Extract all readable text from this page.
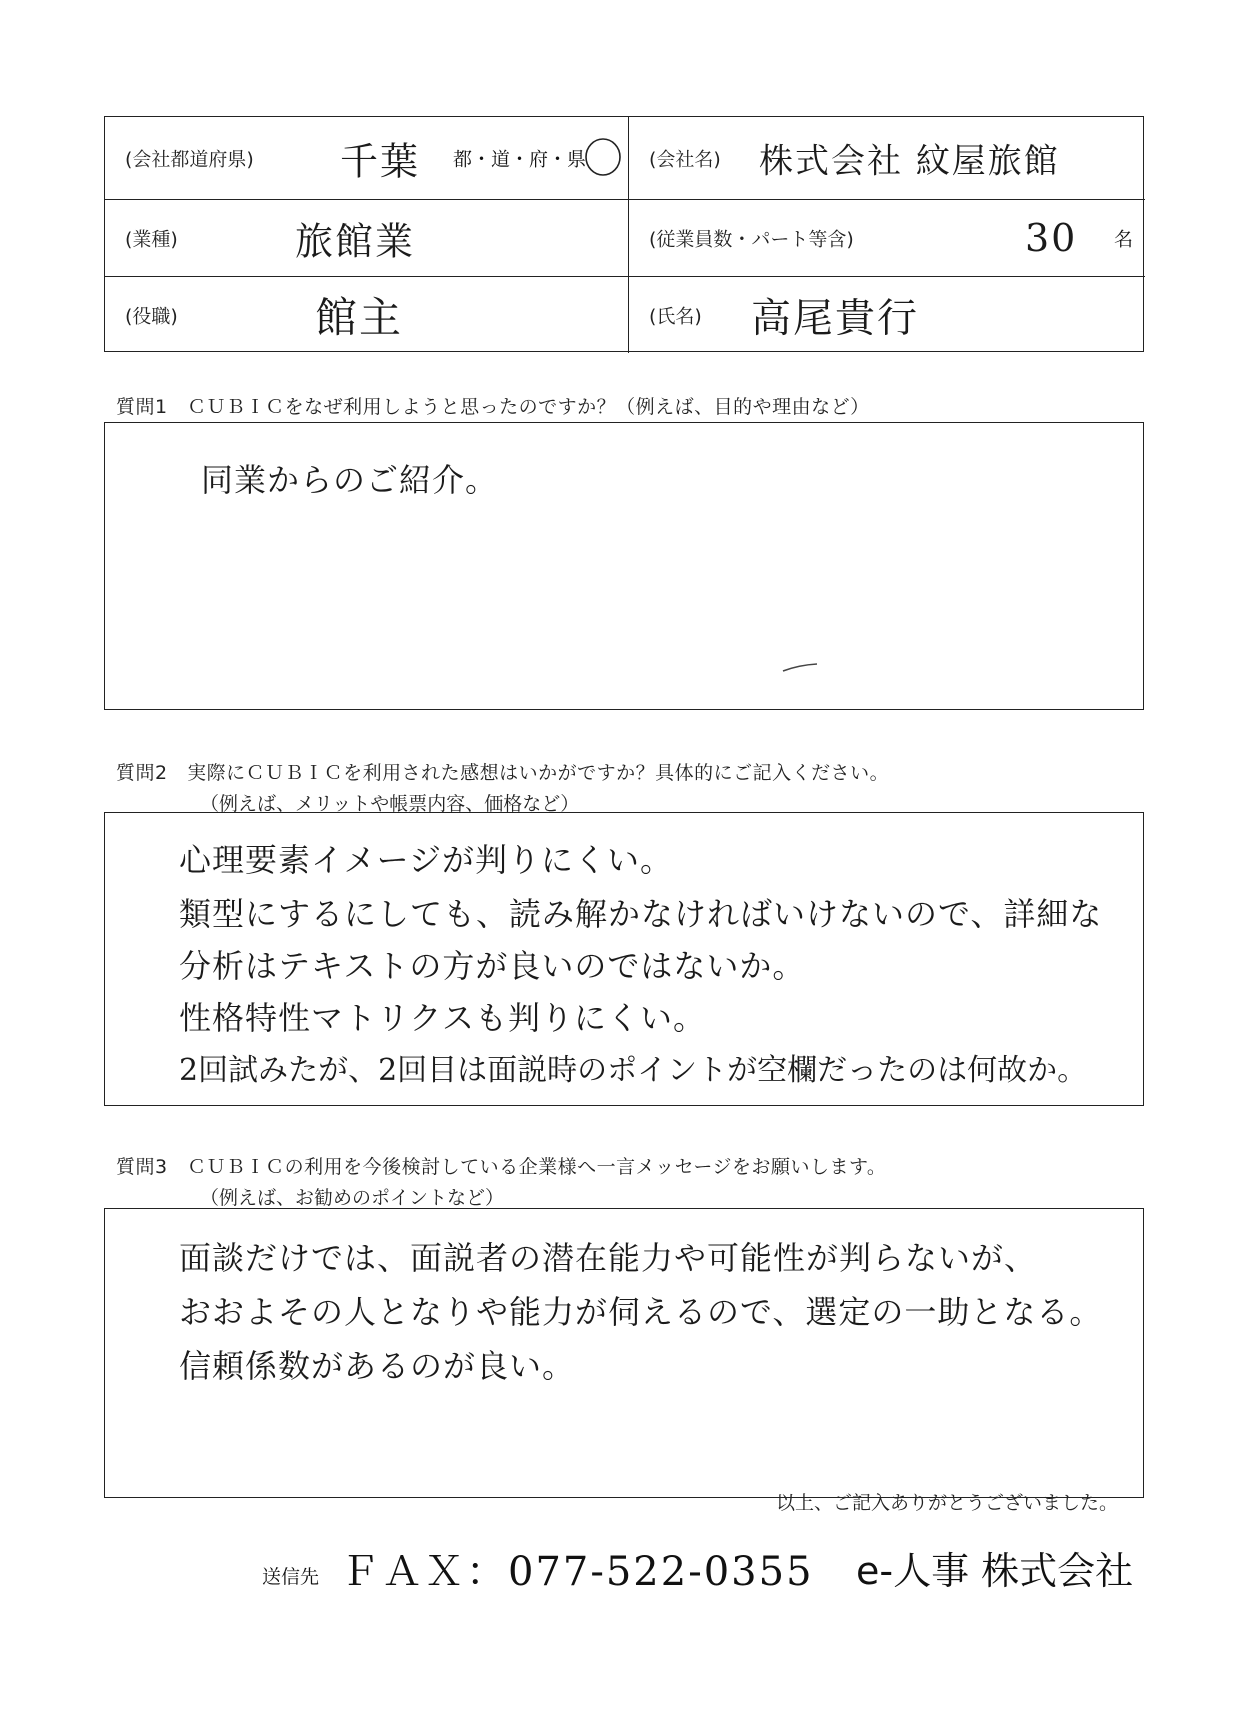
(会社都道府県) 千葉 都・道・府・県	(会社名) 株式会社 紋屋旅館
(業種)	旅館業	(従業員数・パート等含)	30 名
(役職)	館主	(氏名) 高尾貴行
質問1　ＣＵＢＩＣをなぜ利用しようと思ったのですか？（例えば、目的や理由など）
同業からのご紹介。
質問2　実際にＣＵＢＩＣを利用された感想はいかがですか？具体的にご記入ください。
（例えば、メリットや帳票内容、価格など）
心理要素イメージが判りにくい。
類型にするにしても、読み解かなければいけないので、詳細な
分析はテキストの方が良いのではないか。
性格特性マトリクスも判りにくい。
2回試みたが、2回目は面説時のポイントが空欄だったのは何故か。
質問3　ＣＵＢＩＣの利用を今後検討している企業様へ一言メッセージをお願いします。
（例えば、お勧めのポイントなど）
面談だけでは、面説者の潜在能力や可能性が判らないが、
おおよその人となりや能力が伺えるので、選定の一助となる。
信頼係数があるのが良い。
以上、ご記入ありがとうございました。
送信先 ＦＡＸ：077-522-0355 e-人事 株式会社
